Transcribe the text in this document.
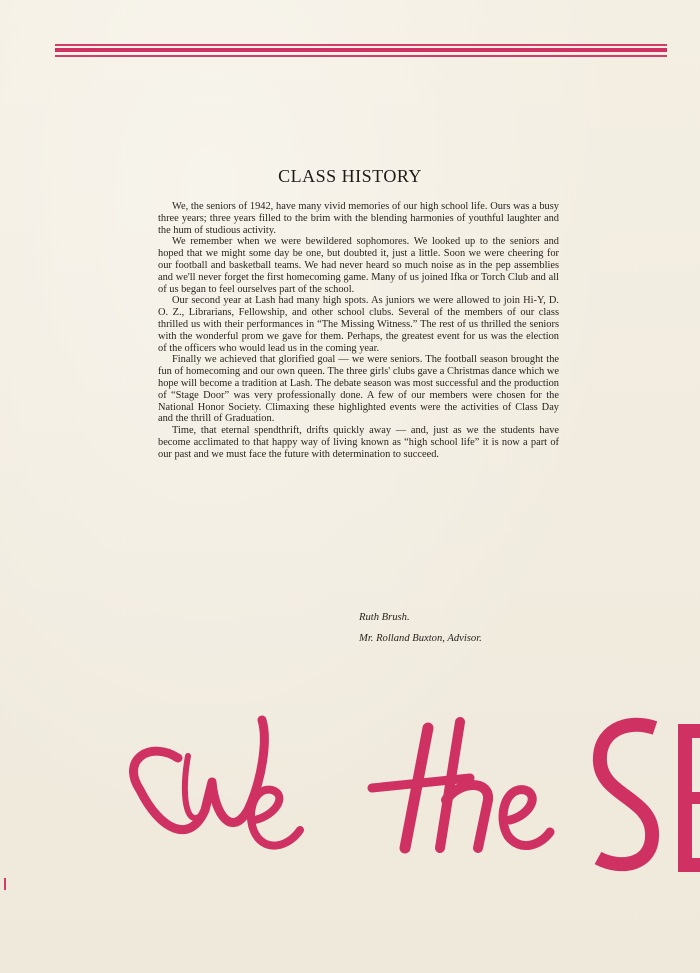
CLASS HISTORY

We, the seniors of 1942, have many vivid memories of our high school life. Ours was a busy three years; three years filled to the brim with the blending harmonies of youthful laughter and the hum of studious activity.

We remember when we were bewildered sophomores. We looked up to the seniors and hoped that we might some day be one, but doubted it, just a little. Soon we were cheering for our football and basketball teams. We had never heard so much noise as in the pep assemblies and we'll never forget the first homecoming game. Many of us joined Ifka or Torch Club and all of us began to feel ourselves part of the school.

Our second year at Lash had many high spots. As juniors we were allowed to join Hi-Y, D. O. Z., Librarians, Fellowship, and other school clubs. Several of the members of our class thrilled us with their performances in “The Missing Witness.” The rest of us thrilled the seniors with the wonderful prom we gave for them. Perhaps, the greatest event for us was the election of the officers who would lead us in the coming year.

Finally we achieved that glorified goal — we were seniors. The football season brought the fun of homecoming and our own queen. The three girls' clubs gave a Christmas dance which we hope will become a tradition at Lash. The debate season was most successful and the production of “Stage Door” was very professionally done. A few of our members were chosen for the National Honor Society. Climaxing these highlighted events were the activities of Class Day and the thrill of Graduation.

Time, that eternal spendthrift, drifts quickly away — and, just as we the students have become acclimated to that happy way of living known as “high school life” it is now a part of our past and we must face the future with determination to succeed.

Ruth Brush.
Mr. Rolland Buxton, Advisor.
